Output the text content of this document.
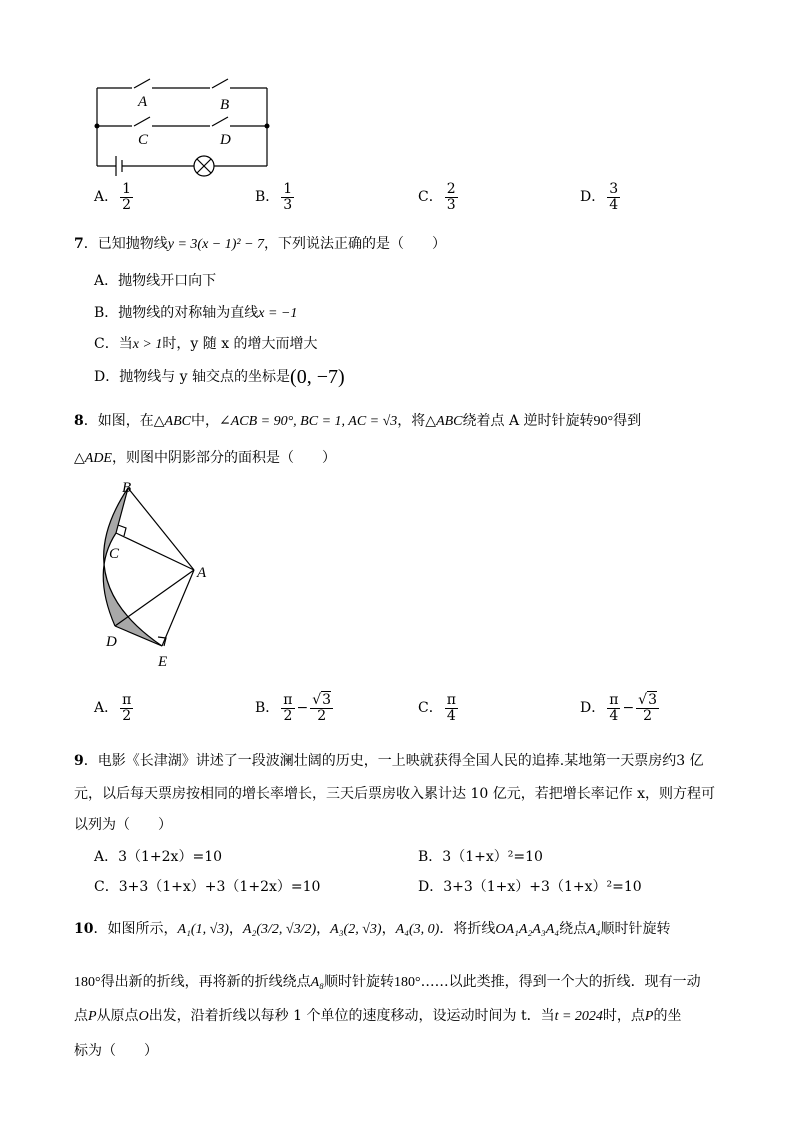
A	B
C	D
A． $\frac{1}{2}$	B． $\frac{1}{3}$	C． $\frac{2}{3}$	D． $\frac{3}{4}$
7．已知抛物线y = 3(x − 1)² − 7，下列说法正确的是（　　）
A．抛物线开口向下
B．抛物线的对称轴为直线x = −1
C．当x > 1时，y 随 x 的增大而增大
D．抛物线与 y 轴交点的坐标是(0, −7)
8．如图，在△ABC中，∠ACB = 90°, BC = 1, AC = √3，将△ABC绕着点 A 逆时针旋转90°得到
△ADE，则图中阴影部分的面积是（　　）
B
C
A
D
E
A． $\frac{\pi}{2}$	B． $\frac{\pi}{2} - \frac{√3}{2}$	C． $\frac{\pi}{4}$	D． $\frac{\pi}{4} - \frac{√3}{2}$
9．电影《长津湖》讲述了一段波澜壮阔的历史，一上映就获得全国人民的追捧.某地第一天票房约3 亿
元，以后每天票房按相同的增长率增长，三天后票房收入累计达 10 亿元，若把增长率记作 x，则方程可
以列为（　　）
A．3（1+2x）=10	B．3（1+x）²=10
C．3+3（1+x）+3（1+2x）=10	D．3+3（1+x）+3（1+x）²=10
10．如图所示，A₁(1, √3)，A₂(3/2, √3/2)，A₃(2, √3)，A₄(3, 0)．将折线OA₁A₂A₃A₄绕点A₄顺时针旋转
180°得出新的折线，再将新的折线绕点A₈顺时针旋转180°……以此类推，得到一个大的折线．现有一动
点P从原点O出发，沿着折线以每秒 1 个单位的速度移动，设运动时间为 t．当t = 2024时，点P的坐
标为（　　）
